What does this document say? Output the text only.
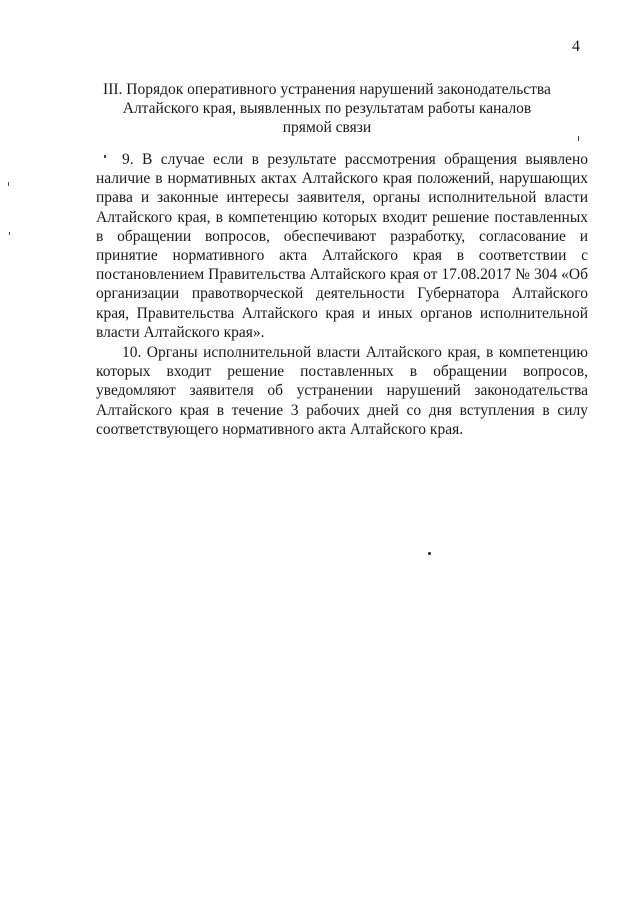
4
III. Порядок оперативного устранения нарушений законодательства
Алтайского края, выявленных по результатам работы каналов
прямой связи

9. В случае если в результате рассмотрения обращения выявлено наличие в нормативных актах Алтайского края положений, нарушающих права и законные интересы заявителя, органы исполнительной власти Алтайского края, в компетенцию которых входит решение поставленных в обращении вопросов, обеспечивают разработку, согласование и принятие нормативного акта Алтайского края в соответствии с постановлением Правительства Алтайского края от 17.08.2017 № 304 «Об организации правотворческой деятельности Губернатора Алтайского края, Правительства Алтайского края и иных органов исполнительной власти Алтайского края».

10. Органы исполнительной власти Алтайского края, в компетенцию которых входит решение поставленных в обращении вопросов, уведомляют заявителя об устранении нарушений законодательства Алтайского края в течение 3 рабочих дней со дня вступления в силу соответствующего нормативного акта Алтайского края.
